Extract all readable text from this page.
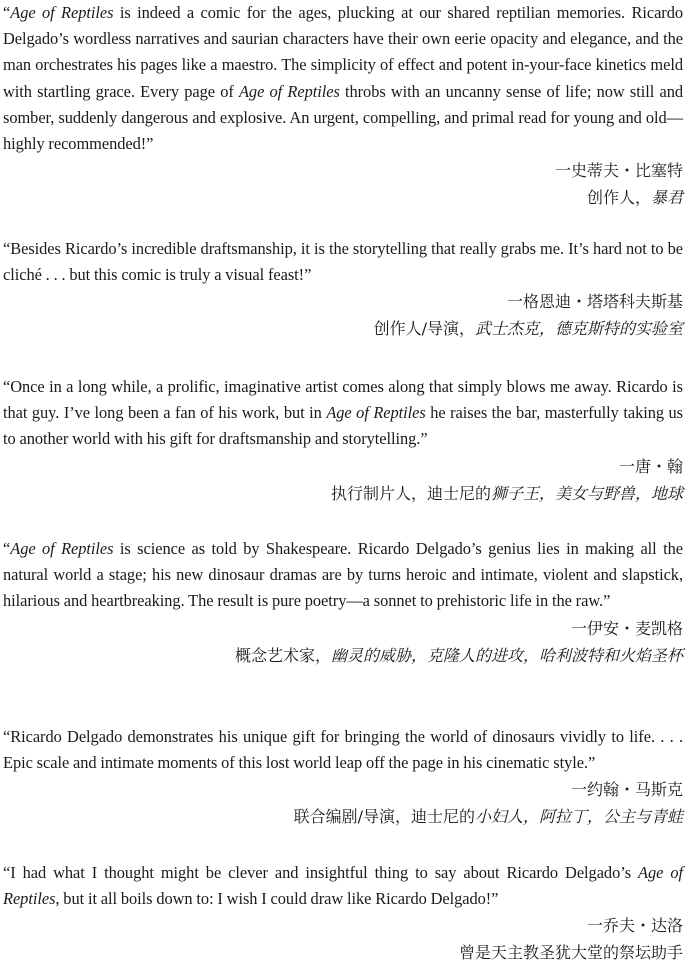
“Age of Reptiles is indeed a comic for the ages, plucking at our shared reptilian memories. Ricardo Delgado’s wordless narratives and saurian characters have their own eerie opacity and elegance, and the man orchestrates his pages like a maestro. The simplicity of effect and potent in-your-face kinetics meld with startling grace. Every page of Age of Reptiles throbs with an uncanny sense of life; now still and somber, suddenly dangerous and explosive. An urgent, compelling, and primal read for young and old—highly recommended!”

一史蒂夫・比塞特
创作人，暴君

“Besides Ricardo’s incredible draftsmanship, it is the storytelling that really grabs me. It’s hard not to be cliché . . . but this comic is truly a visual feast!”

一格恩迪・塔塔科夫斯基
创作人/导演，武士杰克，德克斯特的实验室

“Once in a long while, a prolific, imaginative artist comes along that simply blows me away. Ricardo is that guy. I’ve long been a fan of his work, but in Age of Reptiles he raises the bar, masterfully taking us to another world with his gift for draftsmanship and storytelling.”

一唐・翰
执行制片人，迪士尼的狮子王，美女与野兽，地球

“Age of Reptiles is science as told by Shakespeare. Ricardo Delgado’s genius lies in making all the natural world a stage; his new dinosaur dramas are by turns heroic and intimate, violent and slapstick, hilarious and heartbreaking. The result is pure poetry—a sonnet to prehistoric life in the raw.”

一伊安・麦凯格
概念艺术家，幽灵的威胁，克隆人的进攻，哈利波特和火焰圣杯

“Ricardo Delgado demonstrates his unique gift for bringing the world of dinosaurs vividly to life. . . . Epic scale and intimate moments of this lost world leap off the page in his cinematic style.”

一约翰・马斯克
联合编剧/导演，迪士尼的小妇人，阿拉丁，公主与青蛙

“I had what I thought might be clever and insightful thing to say about Ricardo Delgado’s Age of Reptiles, but it all boils down to: I wish I could draw like Ricardo Delgado!”

一乔夫・达洛
曾是天主教圣犹大堂的祭坛助手
